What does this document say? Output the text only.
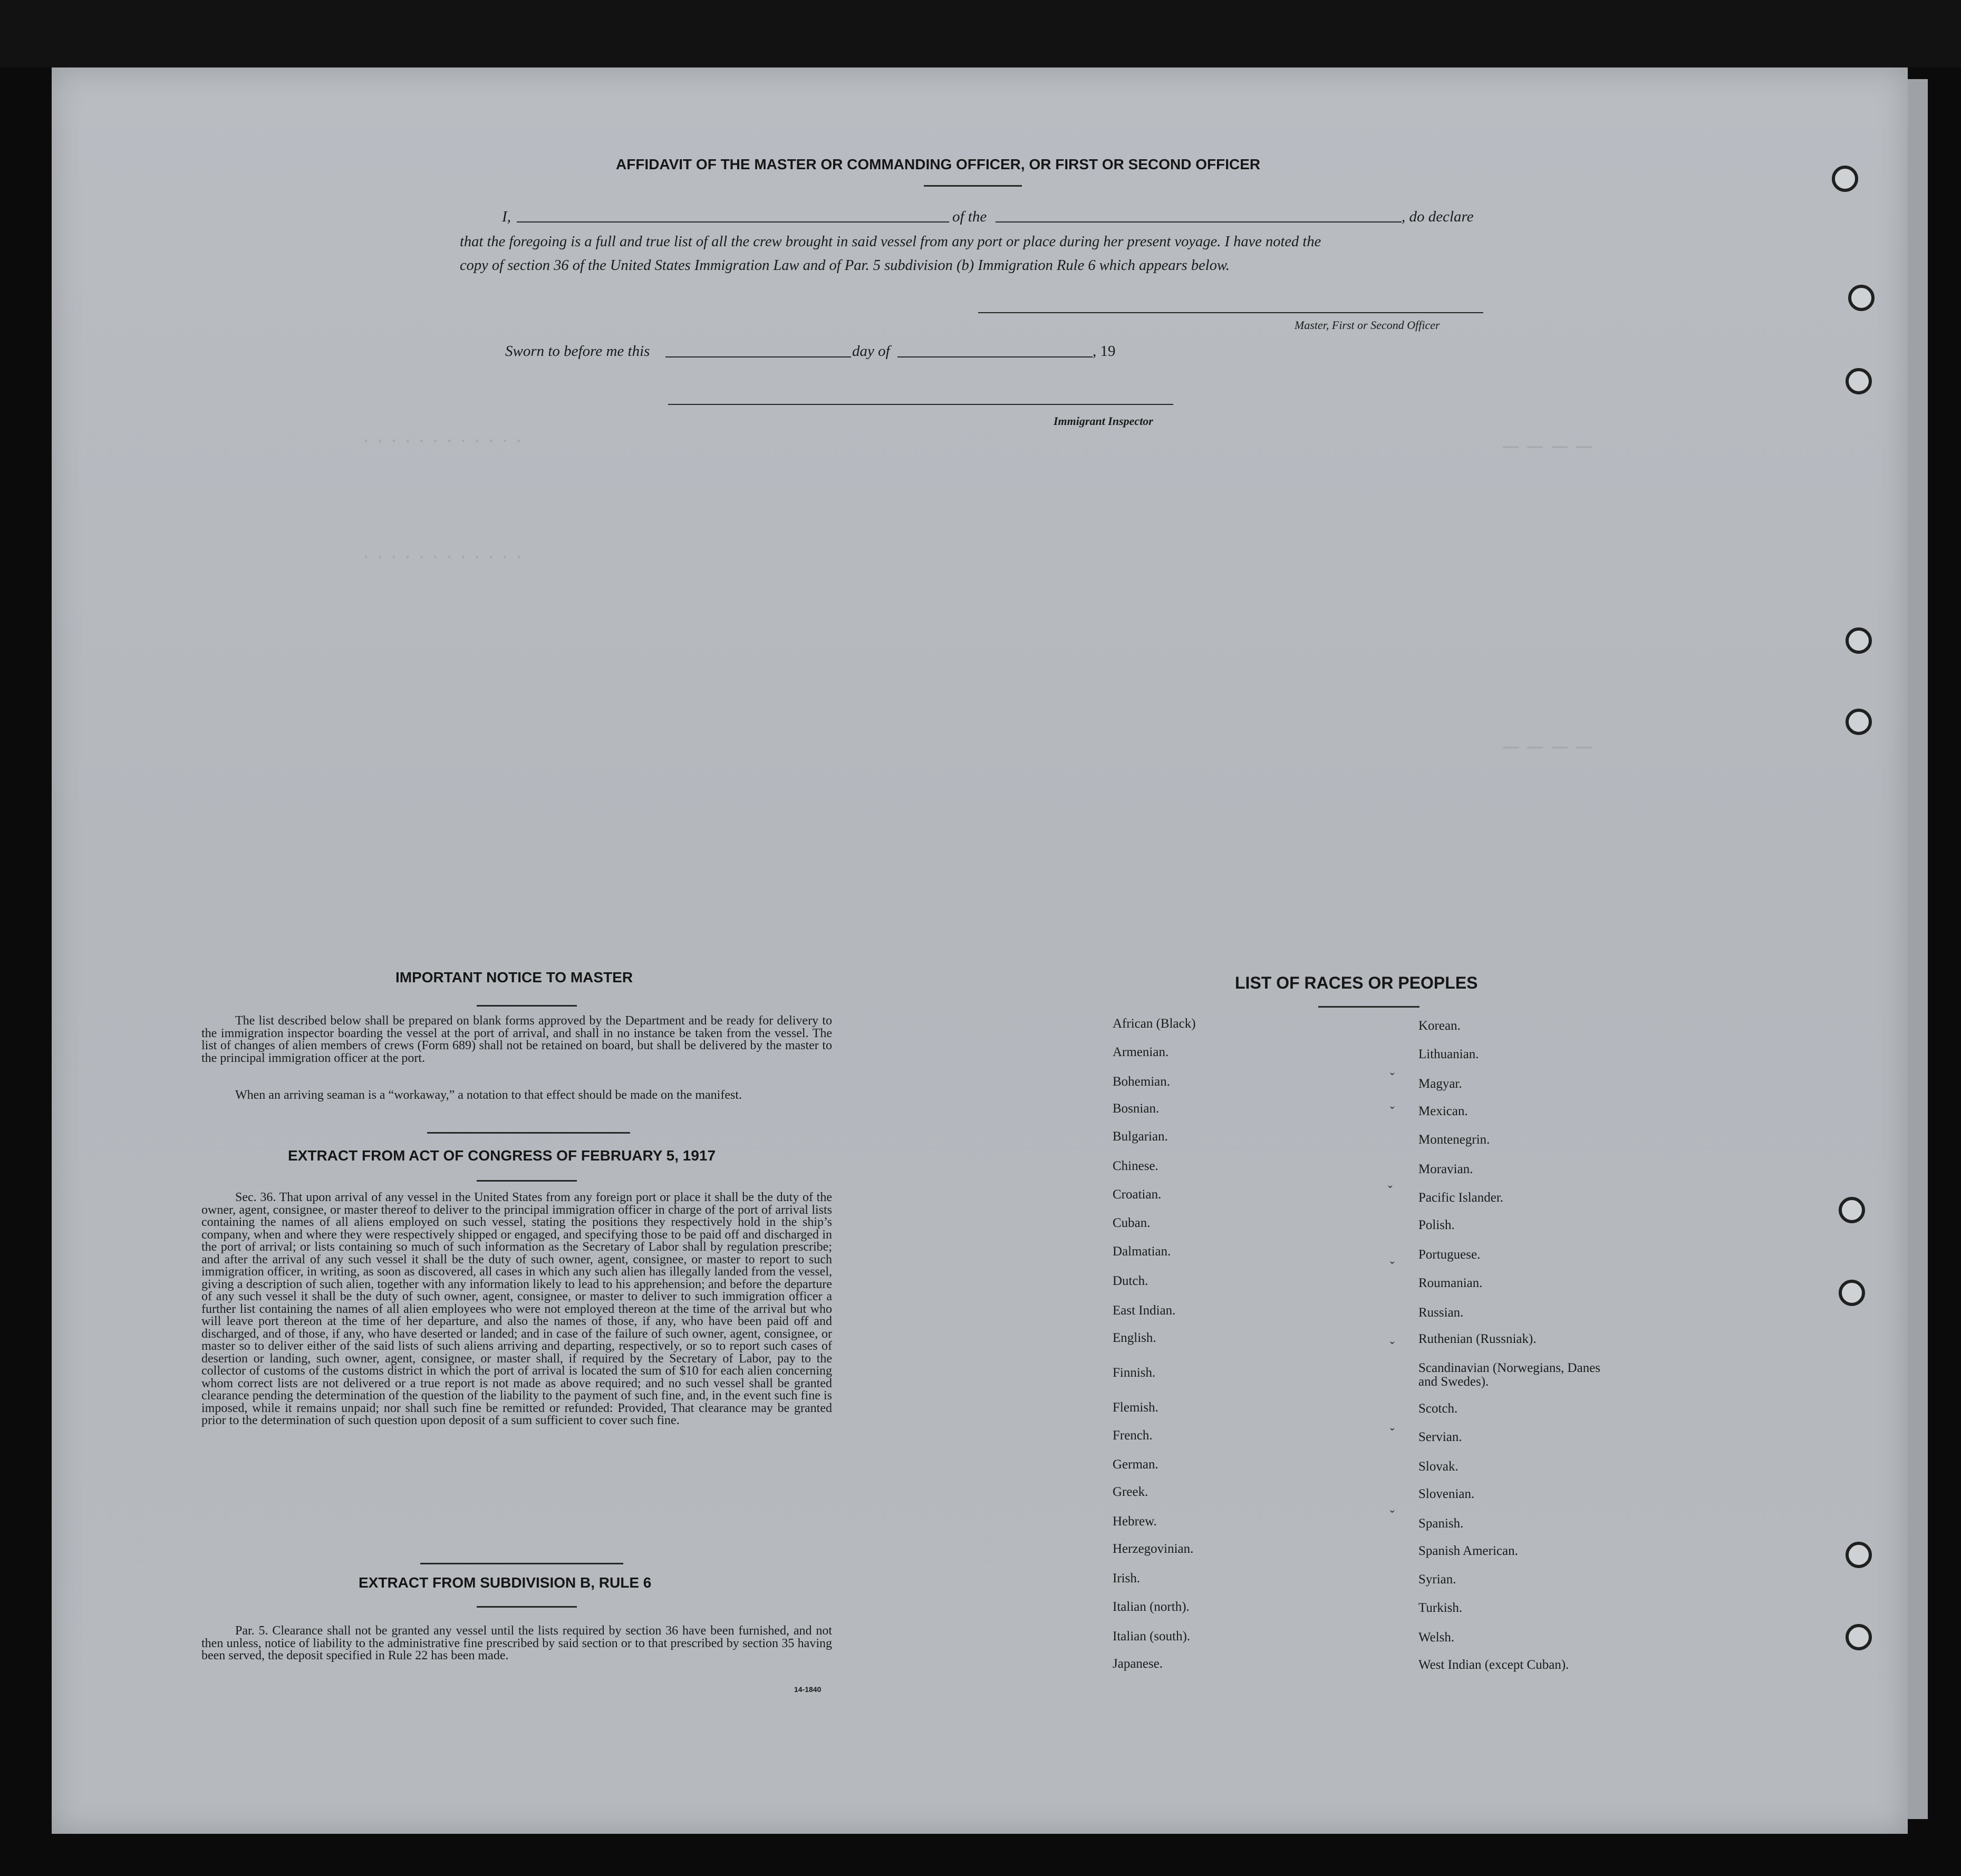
· · · · · · · · · · · ·
· · · · · · · · · · · ·
— — — —
— — — —
AFFIDAVIT OF THE MASTER OR COMMANDING OFFICER, OR FIRST OR SECOND OFFICER
I,	of the	, do declare
that the foregoing is a full and true list of all the crew brought in said vessel from any port or place during her present voyage. I have noted the
copy of section 36 of the United States Immigration Law and of Par. 5 subdivision (b) Immigration Rule 6 which appears below.
Master, First or Second Officer
Sworn to before me this	day of	, 19
Immigrant Inspector
IMPORTANT NOTICE TO MASTER
The list described below shall be prepared on blank forms approved by the Department and be ready for delivery to the immigration inspector boarding the vessel at the port of arrival, and shall in no instance be taken from the vessel. The list of changes of alien members of crews (Form 689) shall not be retained on board, but shall be delivered by the master to the principal immigration officer at the port.
When an arriving seaman is a “workaway,” a notation to that effect should be made on the manifest.
EXTRACT FROM ACT OF CONGRESS OF FEBRUARY 5, 1917
Sec. 36. That upon arrival of any vessel in the United States from any foreign port or place it shall be the duty of the owner, agent, consignee, or master thereof to deliver to the principal immigration officer in charge of the port of arrival lists containing the names of all aliens employed on such vessel, stating the positions they respectively hold in the ship’s company, when and where they were respectively shipped or engaged, and specifying those to be paid off and discharged in the port of arrival; or lists containing so much of such information as the Secretary of Labor shall by regulation prescribe; and after the arrival of any such vessel it shall be the duty of such owner, agent, consignee, or master to report to such immigration officer, in writing, as soon as discovered, all cases in which any such alien has illegally landed from the vessel, giving a description of such alien, together with any information likely to lead to his apprehension; and before the departure of any such vessel it shall be the duty of such owner, agent, consignee, or master to deliver to such immigration officer a further list containing the names of all alien employees who were not employed thereon at the time of the arrival but who will leave port thereon at the time of her departure, and also the names of those, if any, who have been paid off and discharged, and of those, if any, who have deserted or landed; and in case of the failure of such owner, agent, consignee, or master so to deliver either of the said lists of such aliens arriving and departing, respectively, or so to report such cases of desertion or landing, such owner, agent, consignee, or master shall, if required by the Secretary of Labor, pay to the collector of customs of the customs district in which the port of arrival is located the sum of $10 for each alien concerning whom correct lists are not delivered or a true report is not made as above required; and no such vessel shall be granted clearance pending the determination of the question of the liability to the payment of such fine, and, in the event such fine is imposed, while it remains unpaid; nor shall such fine be remitted or refunded: Provided, That clearance may be granted prior to the determination of such question upon deposit of a sum sufficient to cover such fine.
EXTRACT FROM SUBDIVISION B, RULE 6
Par. 5. Clearance shall not be granted any vessel until the lists required by section 36 have been furnished, and not then unless, notice of liability to the administrative fine prescribed by said section or to that prescribed by section 35 having been served, the deposit specified in Rule 22 has been made.
14-1840
LIST OF RACES OR PEOPLES
African (Black)
Armenian.
Bohemian.
Bosnian.
Bulgarian.
Chinese.
Croatian.
Cuban.
Dalmatian.
Dutch.
East Indian.
English.
Finnish.
Flemish.
French.
German.
Greek.
Hebrew.
Herzegovinian.
Irish.
Italian (north).
Italian (south).
Japanese.
Korean.
Lithuanian.
Magyar.
Mexican.
Montenegrin.
Moravian.
Pacific Islander.
Polish.
Portuguese.
Roumanian.
Russian.
Ruthenian (Russniak).
Scandinavian (Norwegians, Danes and Swedes).
Scotch.
Servian.
Slovak.
Slovenian.
Spanish.
Spanish American.
Syrian.
Turkish.
Welsh.
West Indian (except Cuban).
ˇ
ˇ
ˇ
ˇ
ˇ
ˇ
ˇ
